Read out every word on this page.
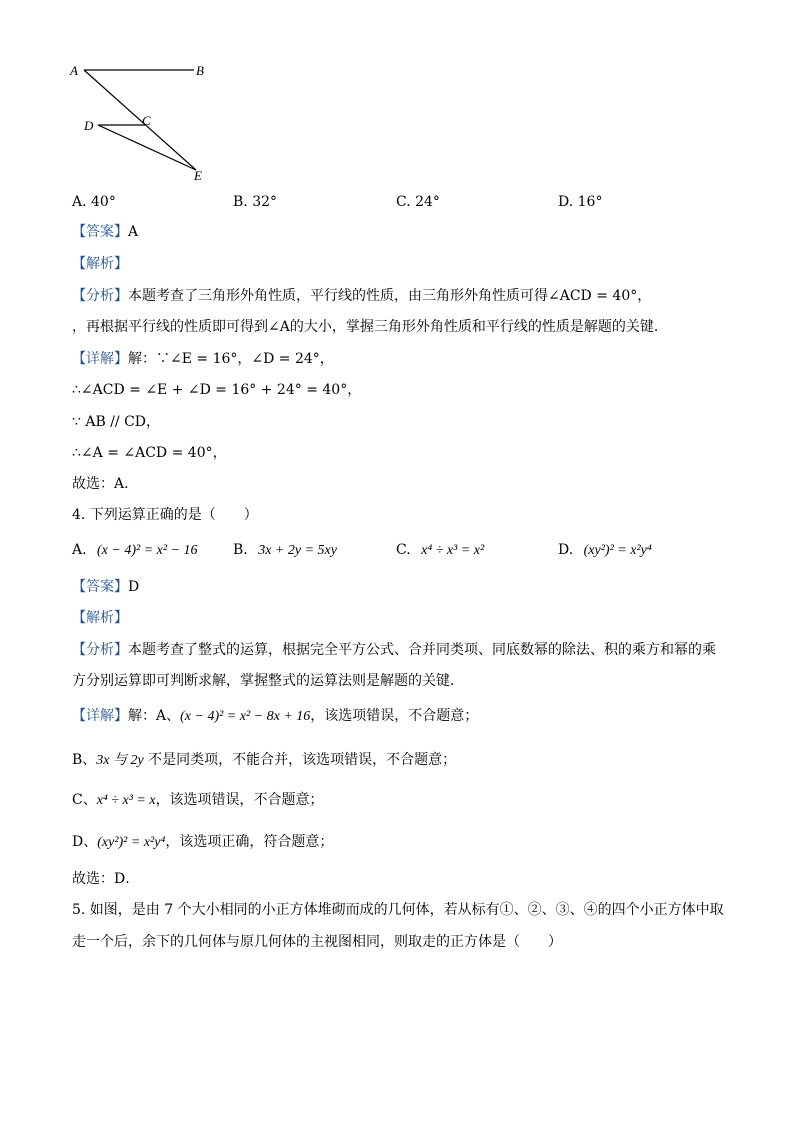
A	B
C
D
E
A. 40°	B. 32°	C. 24°	D. 16°
【答案】A
【解析】
【分析】本题考查了三角形外角性质，平行线的性质，由三角形外角性质可得∠ACD = 40°，
，再根据平行线的性质即可得到∠A的大小，掌握三角形外角性质和平行线的性质是解题的关键．
【详解】解：∵∠E = 16°，∠D = 24°，
∴∠ACD = ∠E + ∠D = 16° + 24° = 40°，
∵ AB // CD，
∴∠A = ∠ACD = 40°，
故选：A．
4. 下列运算正确的是（　　）
A. (x − 4)² = x² − 16	B. 3x + 2y = 5xy	C. x⁴ ÷ x³ = x²	D. (xy²)² = x²y⁴
【答案】D
【解析】
【分析】本题考查了整式的运算，根据完全平方公式、合并同类项、同底数幂的除法、积的乘方和幂的乘
方分别运算即可判断求解，掌握整式的运算法则是解题的关键．
【详解】解：A、(x − 4)² = x² − 8x + 16，该选项错误，不合题意；
B、3x 与 2y 不是同类项，不能合并，该选项错误，不合题意；
C、x⁴ ÷ x³ = x，该选项错误，不合题意；
D、(xy²)² = x²y⁴，该选项正确，符合题意；
故选：D．
5. 如图，是由 7 个大小相同的小正方体堆砌而成的几何体，若从标有①、②、③、④的四个小正方体中取
走一个后，余下的几何体与原几何体的主视图相同，则取走的正方体是（　　）
